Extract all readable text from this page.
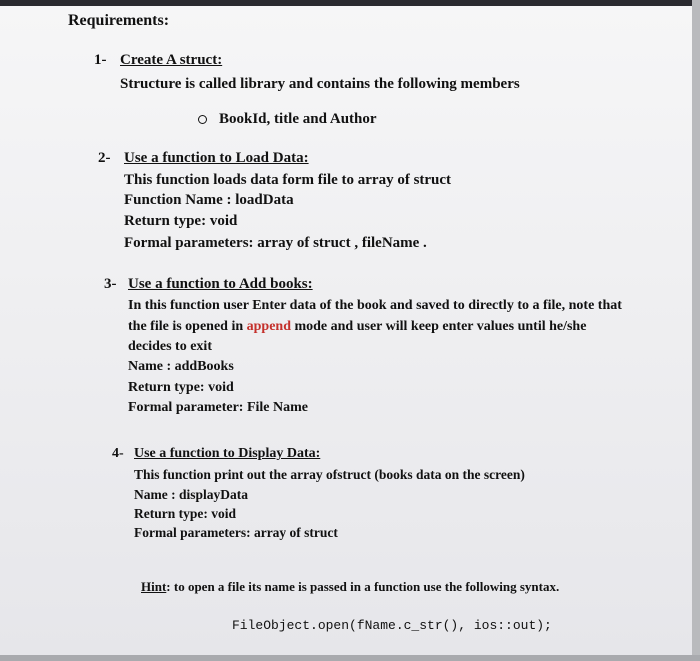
Requirements:
1- Create A struct:
Structure is called library and contains the following members
BookId, title and Author
2- Use a function to Load Data:
This function loads data form file to array of struct
Function Name : loadData
Return type: void
Formal parameters: array of struct , fileName .
3- Use a function to Add books:
In this function user Enter data of the book and saved to directly to a file, note that
the file is opened in append mode and user will keep enter values until he/she
decides to exit
Name : addBooks
Return type: void
Formal parameter: File Name
4- Use a function to Display Data:
This function print out the array ofstruct (books data on the screen)
Name : displayData
Return type: void
Formal parameters: array of struct
Hint: to open a file its name is passed in a function use the following syntax.
FileObject.open(fName.c_str(), ios::out);
